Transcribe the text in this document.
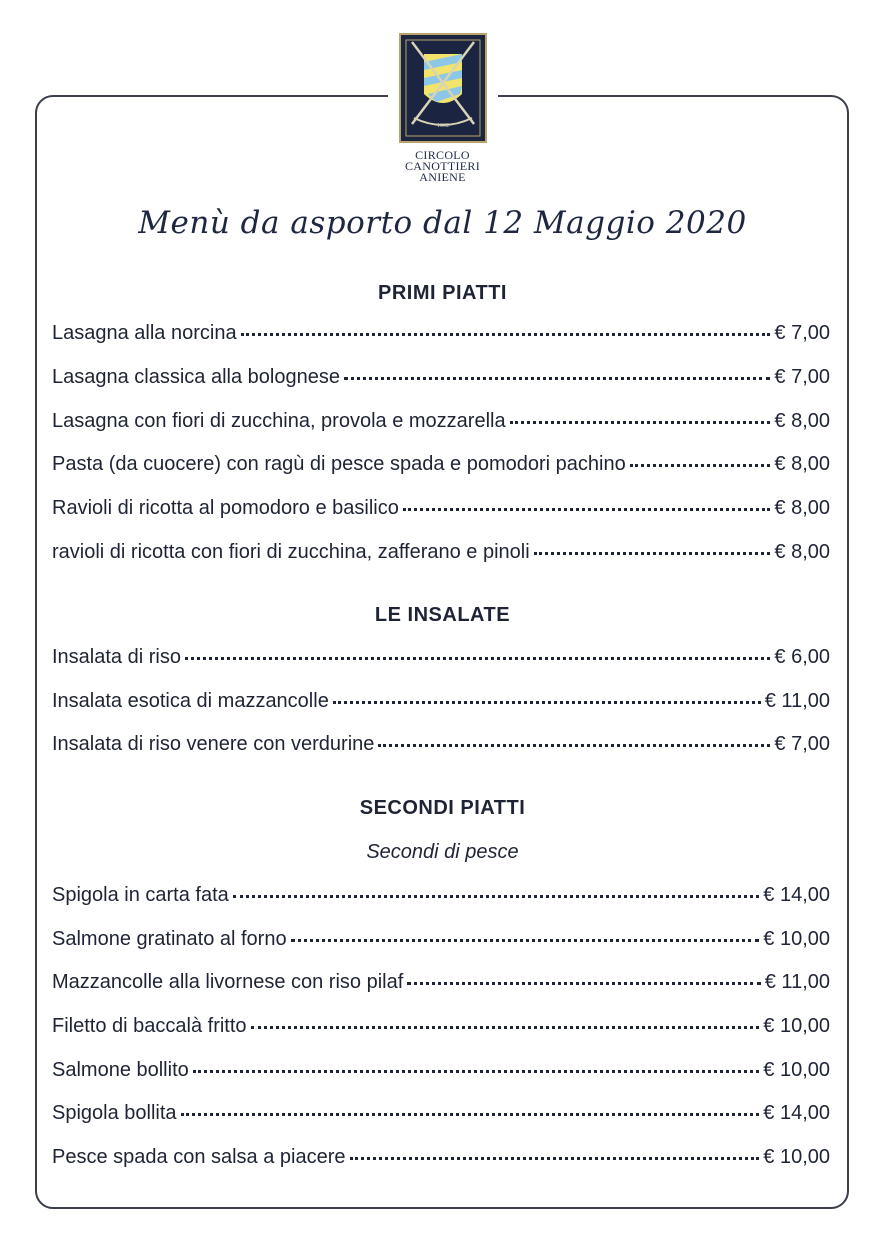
1892
CIRCOLO
CANOTTIERI
ANIENE
Menù da asporto dal 12 Maggio 2020
PRIMI PIATTI
Lasagna alla norcina	€ 7,00
Lasagna classica alla bolognese	€ 7,00
Lasagna con fiori di zucchina, provola e mozzarella	€ 8,00
Pasta (da cuocere) con ragù di pesce spada e pomodori pachino	€ 8,00
Ravioli di ricotta al pomodoro e basilico	€ 8,00
ravioli di ricotta con fiori di zucchina, zafferano e pinoli	€ 8,00
LE INSALATE
Insalata di riso	€ 6,00
Insalata esotica di mazzancolle	€ 11,00
Insalata di riso venere con verdurine	€ 7,00
SECONDI PIATTI
Secondi di pesce
Spigola in carta fata	€ 14,00
Salmone gratinato al forno	€ 10,00
Mazzancolle alla livornese con riso pilaf	€ 11,00
Filetto di baccalà fritto	€ 10,00
Salmone bollito	€ 10,00
Spigola bollita	€ 14,00
Pesce spada con salsa a piacere	€ 10,00
